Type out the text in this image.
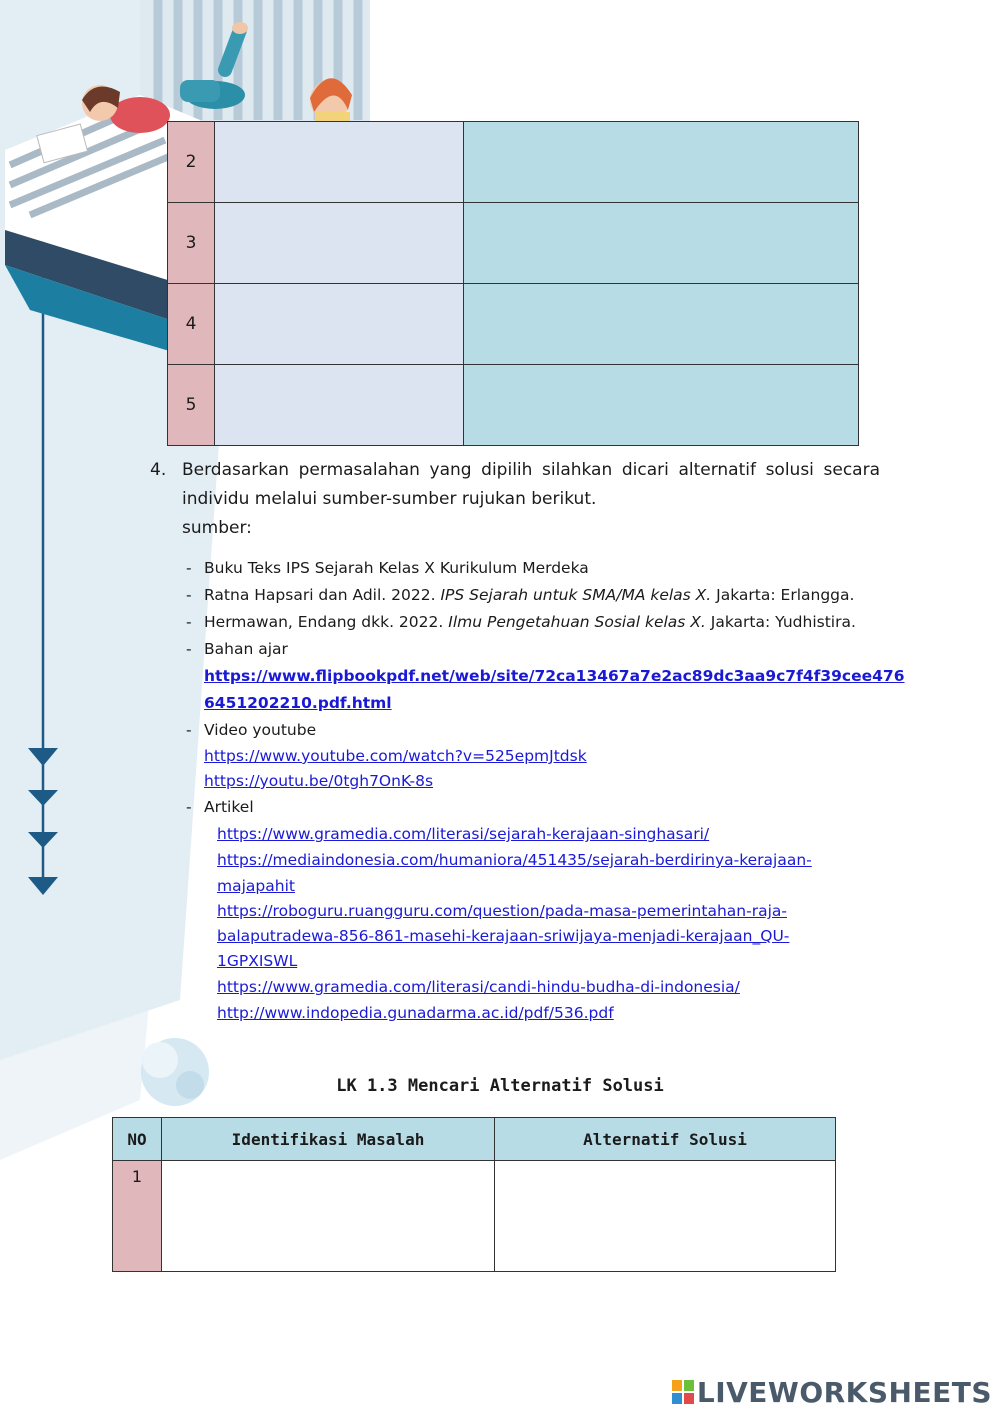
2		
3		
4		
5		
4. Berdasarkan permasalahan yang dipilih silahkan dicari alternatif solusi secara individu melalui sumber-sumber rujukan berikut.
sumber:
- Buku Teks IPS Sejarah Kelas X Kurikulum Merdeka
- Ratna Hapsari dan Adil. 2022. IPS Sejarah untuk SMA/MA kelas X. Jakarta: Erlangga.
- Hermawan, Endang dkk. 2022. Ilmu Pengetahuan Sosial kelas X. Jakarta: Yudhistira.
- Bahan ajar
https://www.flipbookpdf.net/web/site/72ca13467a7e2ac89dc3aa9c7f4f39cee476
6451202210.pdf.html
- Video youtube
https://www.youtube.com/watch?v=525epmJtdsk
https://youtu.be/0tgh7OnK-8s
- Artikel
https://www.gramedia.com/literasi/sejarah-kerajaan-singhasari/
https://mediaindonesia.com/humaniora/451435/sejarah-berdirinya-kerajaan-
majapahit
https://roboguru.ruangguru.com/question/pada-masa-pemerintahan-raja-
balaputradewa-856-861-masehi-kerajaan-sriwijaya-menjadi-kerajaan_QU-
1GPXISWL
https://www.gramedia.com/literasi/candi-hindu-budha-di-indonesia/
http://www.indopedia.gunadarma.ac.id/pdf/536.pdf
LK 1.3 Mencari Alternatif Solusi
NO	Identifikasi Masalah	Alternatif Solusi
1		
LIVEWORKSHEETS
